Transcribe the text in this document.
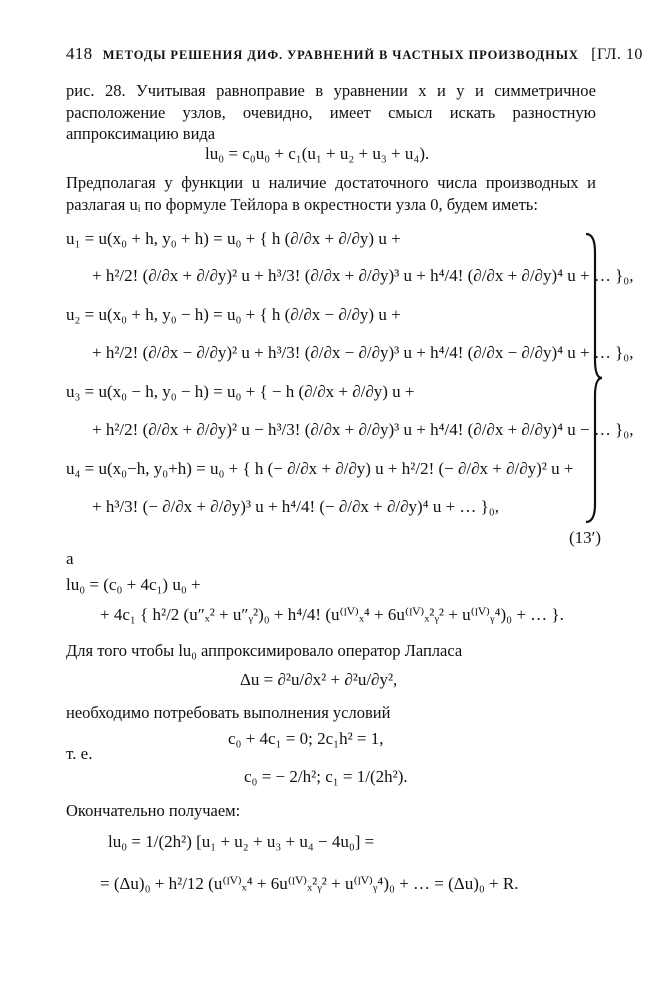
418 МЕТОДЫ РЕШЕНИЯ ДИФ. УРАВНЕНИЙ В ЧАСТНЫХ ПРОИЗВОДНЫХ [ГЛ. 10
рис. 28. Учитывая равноправие в уравнении x и y и симметричное расположение узлов, очевидно, имеет смысл искать разностную аппроксимацию вида
lu₀ = c₀u₀ + c₁(u₁ + u₂ + u₃ + u₄).
Предполагая у функции u наличие достаточного числа производных и разлагая uᵢ по формуле Тейлора в окрестности узла 0, будем иметь:
u₁ = u(x₀ + h, y₀ + h) = u₀ + { h (∂/∂x + ∂/∂y) u +
+ h²/2! (∂/∂x + ∂/∂y)² u + h³/3! (∂/∂x + ∂/∂y)³ u + h⁴/4! (∂/∂x + ∂/∂y)⁴ u + … }₀,
u₂ = u(x₀ + h, y₀ − h) = u₀ + { h (∂/∂x − ∂/∂y) u +
+ h²/2! (∂/∂x − ∂/∂y)² u + h³/3! (∂/∂x − ∂/∂y)³ u + h⁴/4! (∂/∂x − ∂/∂y)⁴ u + … }₀,
u₃ = u(x₀ − h, y₀ − h) = u₀ + { − h (∂/∂x + ∂/∂y) u +
+ h²/2! (∂/∂x + ∂/∂y)² u − h³/3! (∂/∂x + ∂/∂y)³ u + h⁴/4! (∂/∂x + ∂/∂y)⁴ u − … }₀,
u₄ = u(x₀−h, y₀+h) = u₀ + { h (− ∂/∂x + ∂/∂y) u + h²/2! (− ∂/∂x + ∂/∂y)² u +
+ h³/3! (− ∂/∂x + ∂/∂y)³ u + h⁴/4! (− ∂/∂x + ∂/∂y)⁴ u + … }₀,
(13′)
а
lu₀ = (c₀ + 4c₁) u₀ +
+ 4c₁ { h²/2 (u″ₓ² + u″ᵧ²)₀ + h⁴/4! (u⁽ᴵⱽ⁾ₓ⁴ + 6u⁽ᴵⱽ⁾ₓ²ᵧ² + u⁽ᴵⱽ⁾ᵧ⁴)₀ + … }.
Для того чтобы lu₀ аппроксимировало оператор Лапласа
Δu = ∂²u/∂x² + ∂²u/∂y²,
необходимо потребовать выполнения условий
c₀ + 4c₁ = 0; 2c₁h² = 1,
т. е.
c₀ = − 2/h²; c₁ = 1/(2h²).
Окончательно получаем:
lu₀ = 1/(2h²) [u₁ + u₂ + u₃ + u₄ − 4u₀] =
= (Δu)₀ + h²/12 (u⁽ᴵⱽ⁾ₓ⁴ + 6u⁽ᴵⱽ⁾ₓ²ᵧ² + u⁽ᴵⱽ⁾ᵧ⁴)₀ + … = (Δu)₀ + R.
